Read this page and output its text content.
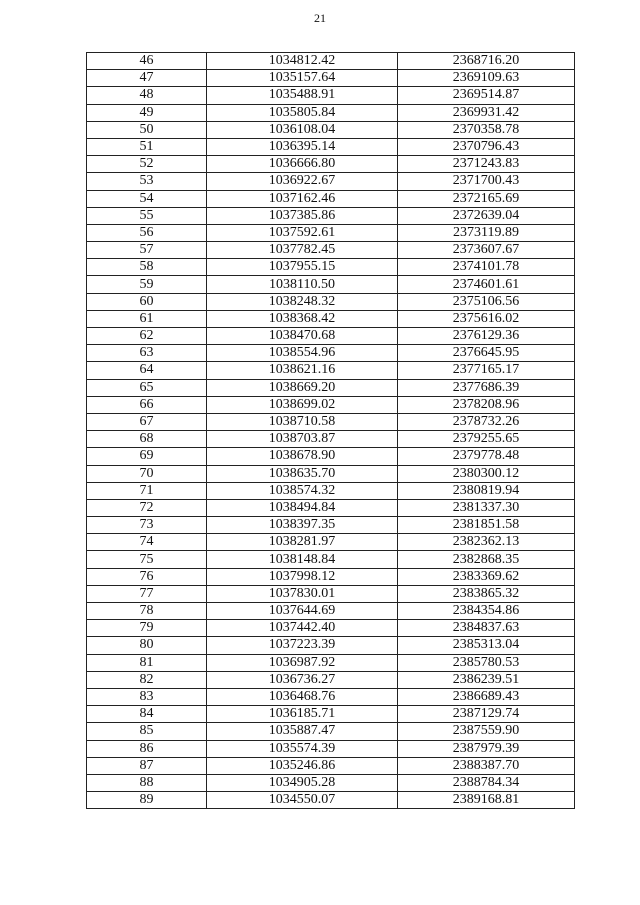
21
46	1034812.42	2368716.20
47	1035157.64	2369109.63
48	1035488.91	2369514.87
49	1035805.84	2369931.42
50	1036108.04	2370358.78
51	1036395.14	2370796.43
52	1036666.80	2371243.83
53	1036922.67	2371700.43
54	1037162.46	2372165.69
55	1037385.86	2372639.04
56	1037592.61	2373119.89
57	1037782.45	2373607.67
58	1037955.15	2374101.78
59	1038110.50	2374601.61
60	1038248.32	2375106.56
61	1038368.42	2375616.02
62	1038470.68	2376129.36
63	1038554.96	2376645.95
64	1038621.16	2377165.17
65	1038669.20	2377686.39
66	1038699.02	2378208.96
67	1038710.58	2378732.26
68	1038703.87	2379255.65
69	1038678.90	2379778.48
70	1038635.70	2380300.12
71	1038574.32	2380819.94
72	1038494.84	2381337.30
73	1038397.35	2381851.58
74	1038281.97	2382362.13
75	1038148.84	2382868.35
76	1037998.12	2383369.62
77	1037830.01	2383865.32
78	1037644.69	2384354.86
79	1037442.40	2384837.63
80	1037223.39	2385313.04
81	1036987.92	2385780.53
82	1036736.27	2386239.51
83	1036468.76	2386689.43
84	1036185.71	2387129.74
85	1035887.47	2387559.90
86	1035574.39	2387979.39
87	1035246.86	2388387.70
88	1034905.28	2388784.34
89	1034550.07	2389168.81
